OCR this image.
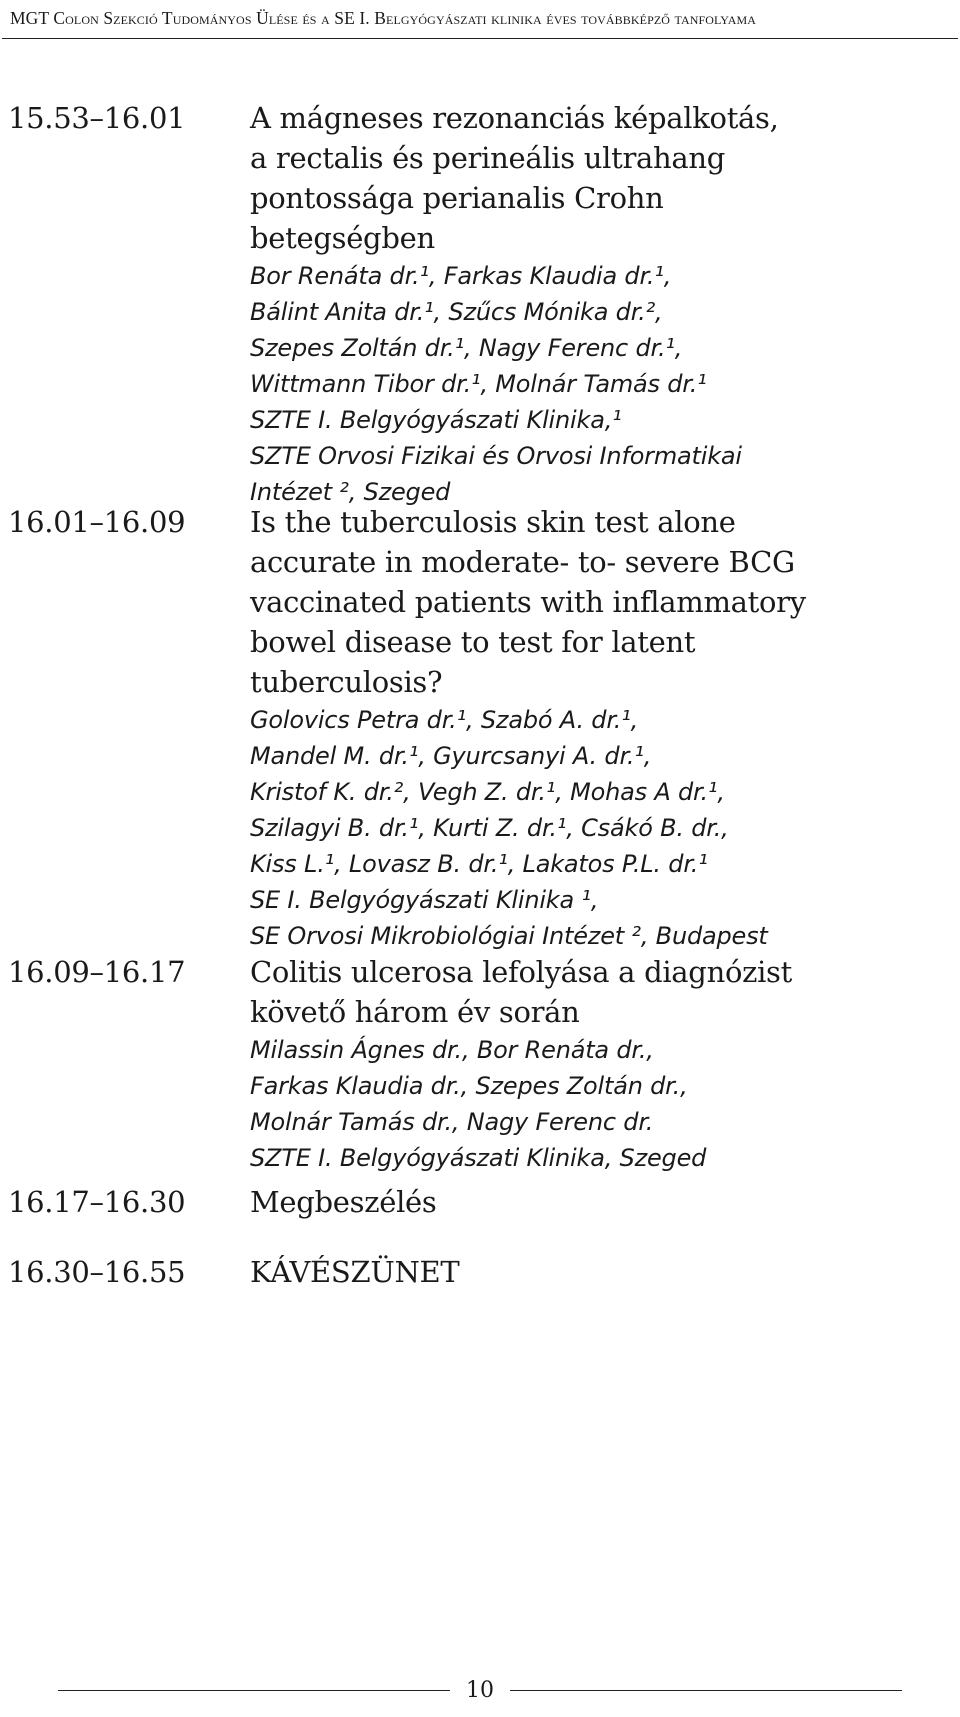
MGT Colon Szekció Tudományos Ülése és a SE I. Belgyógyászati klinika éves továbbképző tanfolyama
15.53–16.01	A mágneses rezonanciás képalkotás,
a rectalis és perineális ultrahang
pontossága perianalis Crohn
betegségben
Bor Renáta dr.¹, Farkas Klaudia dr.¹,
Bálint Anita dr.¹, Szűcs Mónika dr.²,
Szepes Zoltán dr.¹, Nagy Ferenc dr.¹,
Wittmann Tibor dr.¹, Molnár Tamás dr.¹
SZTE I. Belgyógyászati Klinika,¹
SZTE Orvosi Fizikai és Orvosi Informatikai
Intézet ², Szeged
16.01–16.09	Is the tuberculosis skin test alone
accurate in moderate- to- severe BCG
vaccinated patients with inflammatory
bowel disease to test for latent
tuberculosis?
Golovics Petra dr.¹, Szabó A. dr.¹,
Mandel M. dr.¹, Gyurcsanyi A. dr.¹,
Kristof K. dr.², Vegh Z. dr.¹, Mohas A dr.¹,
Szilagyi B. dr.¹, Kurti Z. dr.¹, Csákó B. dr.,
Kiss L.¹, Lovasz B. dr.¹, Lakatos P.L. dr.¹
SE I. Belgyógyászati Klinika ¹,
SE Orvosi Mikrobiológiai Intézet ², Budapest
16.09–16.17	Colitis ulcerosa lefolyása a diagnózist
követő három év során
Milassin Ágnes dr., Bor Renáta dr.,
Farkas Klaudia dr., Szepes Zoltán dr.,
Molnár Tamás dr., Nagy Ferenc dr.
SZTE I. Belgyógyászati Klinika, Szeged
16.17–16.30	Megbeszélés
16.30–16.55	KÁVÉSZÜNET
10
